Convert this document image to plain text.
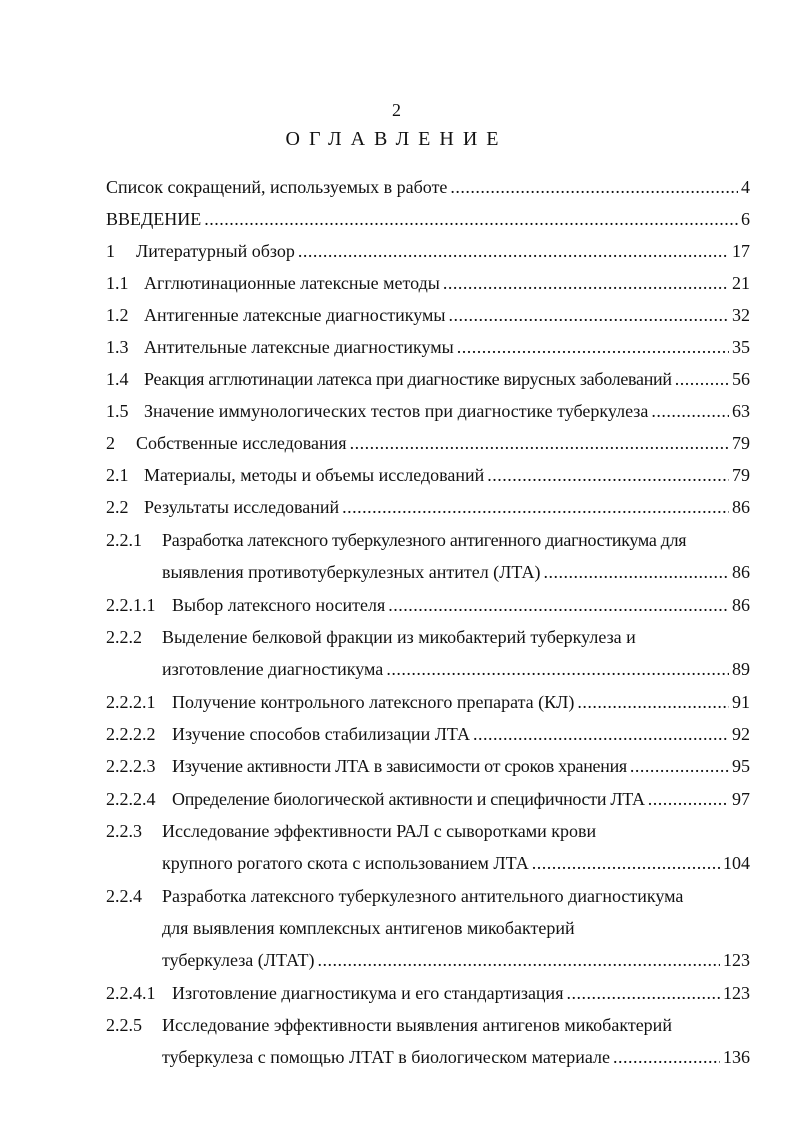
2
ОГЛАВЛЕНИЕ
Список сокращений, используемых в работе . . .	4
ВВЕДЕНИЕ . . .	6
1	Литературный обзор . . .	17
1.1 Агглютинационные латексные методы . . .	21
1.2 Антигенные латексные диагностикумы . . .	32
1.3 Антительные латексные диагностикумы . . .	35
1.4 Реакция агглютинации латекса при диагностике вирусных заболеваний . . .	56
1.5 Значение иммунологических тестов при диагностике туберкулеза . . .	63
2	Собственные исследования . . .	79
2.1 Материалы, методы и объемы исследований . . .	79
2.2 Результаты исследований . . .	86
2.2.1	Разработка латексного туберкулезного антигенного диагностикума для
выявления противотуберкулезных антител (ЛТА) . . .	86
2.2.1.1 Выбор латексного носителя . . .	86
2.2.2	Выделение белковой фракции из микобактерий туберкулеза и
изготовление диагностикума . . .	89
2.2.2.1 Получение контрольного латексного препарата (КЛ) . . .	91
2.2.2.2 Изучение способов стабилизации ЛТА . . .	92
2.2.2.3 Изучение активности ЛТА в зависимости от сроков хранения . . .	95
2.2.2.4 Определение биологической активности и специфичности ЛТА . . .	97
2.2.3	Исследование эффективности РАЛ с сыворотками крови
крупного рогатого скота с использованием ЛТА . . .	104
2.2.4	Разработка латексного туберкулезного антительного диагностикума
для выявления комплексных антигенов микобактерий
туберкулеза (ЛТАТ) . . .	123
2.2.4.1 Изготовление диагностикума и его стандартизация . . .	123
2.2.5	Исследование эффективности выявления антигенов микобактерий
туберкулеза с помощью ЛТАТ в биологическом материале . . .	136
